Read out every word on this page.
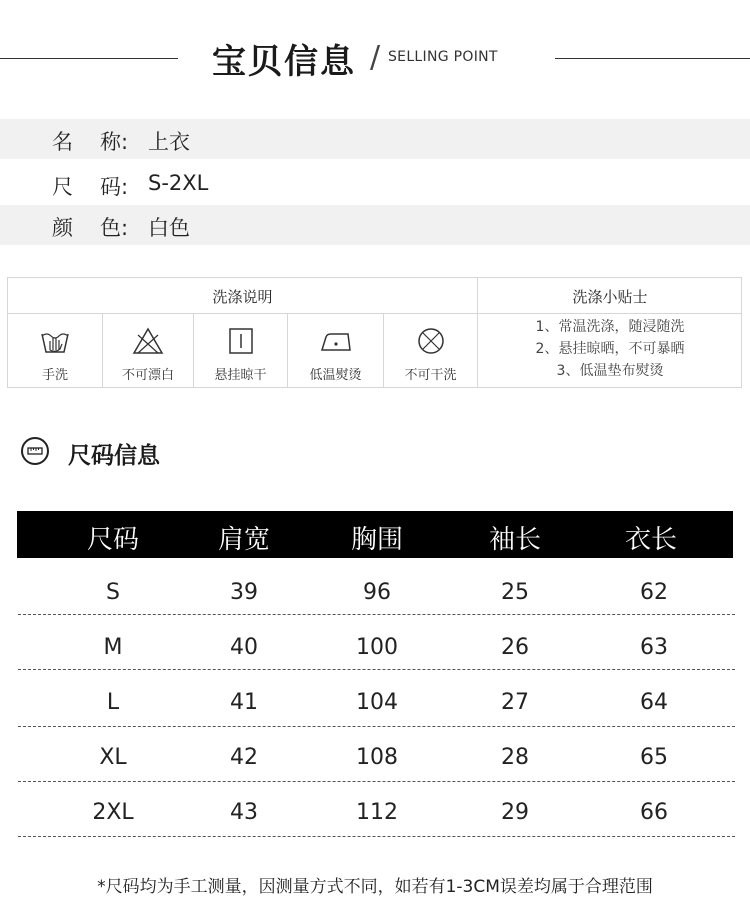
宝贝信息 / SELLING POINT
名 称: 上衣
尺 码: S-2XL
颜 色: 白色
洗涤说明	洗涤小贴士
手洗	不可漂白	悬挂晾干	低温熨烫	不可干洗
1、常温洗涤，随浸随洗
2、悬挂晾晒，不可暴晒
3、低温垫布熨烫
尺码信息
尺码	肩宽	胸围	袖长	衣长
S	39	96	25	62
M	40	100	26	63
L	41	104	27	64
XL	42	108	28	65
2XL	43	112	29	66
*尺码均为手工测量，因测量方式不同，如若有1-3CM误差均属于合理范围
